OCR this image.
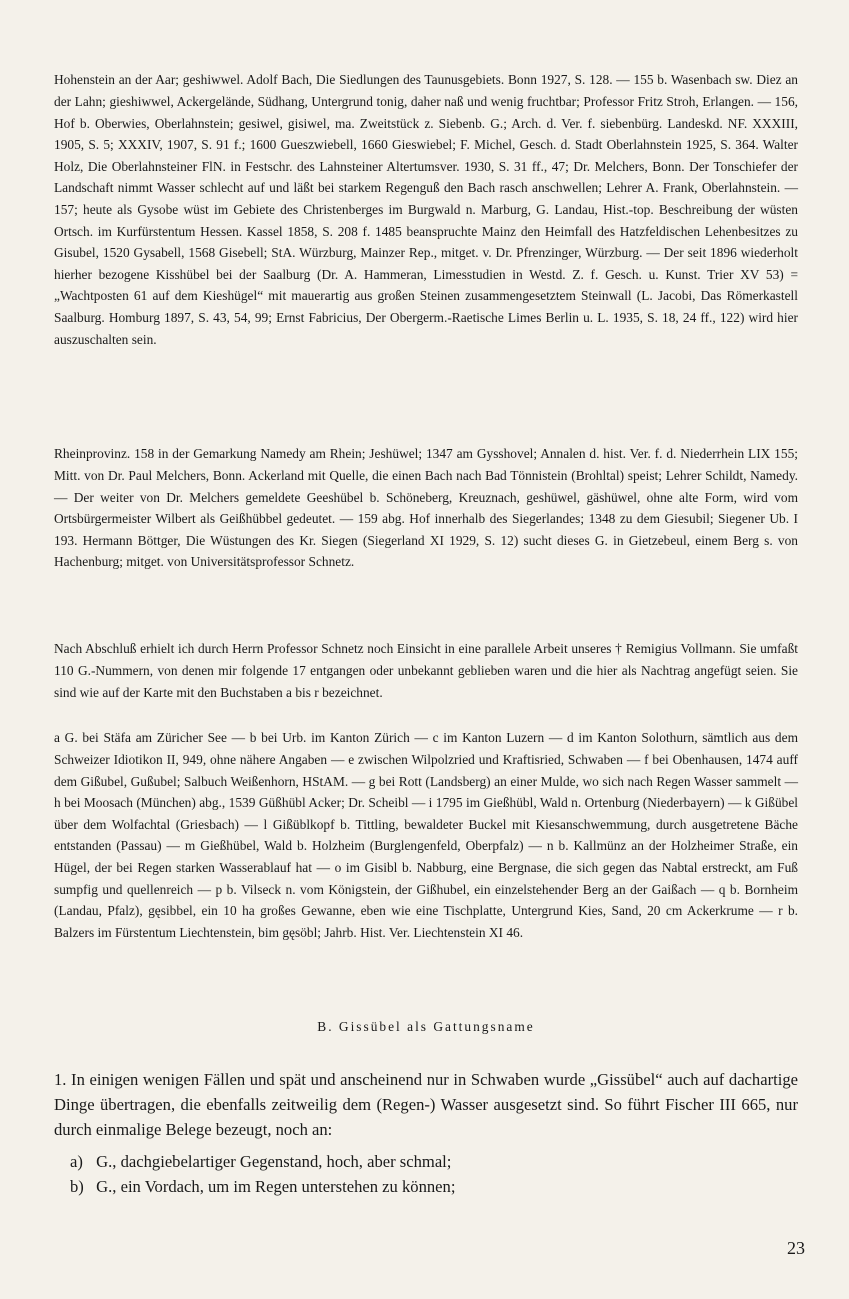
Hohenstein an der Aar; geshiwwel. Adolf Bach, Die Siedlungen des Taunusgebiets. Bonn 1927, S. 128. — 155 b. Wasenbach sw. Diez an der Lahn; gieshiwwel, Ackergelände, Südhang, Untergrund tonig, daher naß und wenig fruchtbar; Professor Fritz Stroh, Erlangen. — 156, Hof b. Oberwies, Oberlahnstein; gesiwel, gisiwel, ma. Zweitstück z. Siebenb. G.; Arch. d. Ver. f. siebenbürg. Landeskd. NF. XXXIII, 1905, S. 5; XXXIV, 1907, S. 91 f.; 1600 Gueszwiebell, 1660 Gieswiebel; F. Michel, Gesch. d. Stadt Oberlahnstein 1925, S. 364. Walter Holz, Die Oberlahnsteiner FlN. in Festschr. des Lahnsteiner Altertumsver. 1930, S. 31 ff., 47; Dr. Melchers, Bonn. Der Tonschiefer der Landschaft nimmt Wasser schlecht auf und läßt bei starkem Regenguß den Bach rasch anschwellen; Lehrer A. Frank, Oberlahnstein. — 157; heute als Gysobe wüst im Gebiete des Christenberges im Burgwald n. Marburg, G. Landau, Hist.-top. Beschreibung der wüsten Ortsch. im Kurfürstentum Hessen. Kassel 1858, S. 208 f. 1485 beanspruchte Mainz den Heimfall des Hatzfeldischen Lehenbesitzes zu Gisubel, 1520 Gysabell, 1568 Gisebell; StA. Würzburg, Mainzer Rep., mitget. v. Dr. Pfrenzinger, Würzburg. — Der seit 1896 wiederholt hierher bezogene Kisshübel bei der Saalburg (Dr. A. Hammeran, Limesstudien in Westd. Z. f. Gesch. u. Kunst. Trier XV 53) = „Wachtposten 61 auf dem Kieshügel“ mit mauerartig aus großen Steinen zusammengesetztem Steinwall (L. Jacobi, Das Römerkastell Saalburg. Homburg 1897, S. 43, 54, 99; Ernst Fabricius, Der Obergerm.-Raetische Limes Berlin u. L. 1935, S. 18, 24 ff., 122) wird hier auszuschalten sein.

Rheinprovinz. 158 in der Gemarkung Namedy am Rhein; Jeshüwel; 1347 am Gysshovel; Annalen d. hist. Ver. f. d. Niederrhein LIX 155; Mitt. von Dr. Paul Melchers, Bonn. Ackerland mit Quelle, die einen Bach nach Bad Tönnistein (Brohltal) speist; Lehrer Schildt, Namedy. — Der weiter von Dr. Melchers gemeldete Geeshübel b. Schöneberg, Kreuznach, geshüwel, gäshüwel, ohne alte Form, wird vom Ortsbürgermeister Wilbert als Geißhübbel gedeutet. — 159 abg. Hof innerhalb des Siegerlandes; 1348 zu dem Giesubil; Siegener Ub. I 193. Hermann Böttger, Die Wüstungen des Kr. Siegen (Siegerland XI 1929, S. 12) sucht dieses G. in Gietzebeul, einem Berg s. von Hachenburg; mitget. von Universitätsprofessor Schnetz.

Nach Abschluß erhielt ich durch Herrn Professor Schnetz noch Einsicht in eine parallele Arbeit unseres † Remigius Vollmann. Sie umfaßt 110 G.-Nummern, von denen mir folgende 17 entgangen oder unbekannt geblieben waren und die hier als Nachtrag angefügt seien. Sie sind wie auf der Karte mit den Buchstaben a bis r bezeichnet.

a G. bei Stäfa am Züricher See — b bei Urb. im Kanton Zürich — c im Kanton Luzern — d im Kanton Solothurn, sämtlich aus dem Schweizer Idiotikon II, 949, ohne nähere Angaben — e zwischen Wilpolzried und Kraftisried, Schwaben — f bei Obenhausen, 1474 auff dem Gißubel, Gußubel; Salbuch Weißenhorn, HStAM. — g bei Rott (Landsberg) an einer Mulde, wo sich nach Regen Wasser sammelt — h bei Moosach (München) abg., 1539 Güßhübl Acker; Dr. Scheibl — i 1795 im Gießhübl, Wald n. Ortenburg (Niederbayern) — k Gißübel über dem Wolfachtal (Griesbach) — l Gißüblkopf b. Tittling, bewaldeter Buckel mit Kiesanschwemmung, durch ausgetretene Bäche entstanden (Passau) — m Gießhübel, Wald b. Holzheim (Burglengenfeld, Oberpfalz) — n b. Kallmünz an der Holzheimer Straße, ein Hügel, der bei Regen starken Wasserablauf hat — o im Gisibl b. Nabburg, eine Bergnase, die sich gegen das Nabtal erstreckt, am Fuß sumpfig und quellenreich — p b. Vilseck n. vom Königstein, der Gißhubel, ein einzelstehender Berg an der Gaißach — q b. Bornheim (Landau, Pfalz), gęsibbel, ein 10 ha großes Gewanne, eben wie eine Tischplatte, Untergrund Kies, Sand, 20 cm Ackerkrume — r b. Balzers im Fürstentum Liechtenstein, bim gęsöbl; Jahrb. Hist. Ver. Liechtenstein XI 46.

B. Gissübel als Gattungsname

1. In einigen wenigen Fällen und spät und anscheinend nur in Schwaben wurde „Gissübel“ auch auf dachartige Dinge übertragen, die ebenfalls zeitweilig dem (Regen-) Wasser ausgesetzt sind. So führt Fischer III 665, nur durch einmalige Belege bezeugt, noch an:

a) G., dachgiebelartiger Gegenstand, hoch, aber schmal;
b) G., ein Vordach, um im Regen unterstehen zu können;
23
